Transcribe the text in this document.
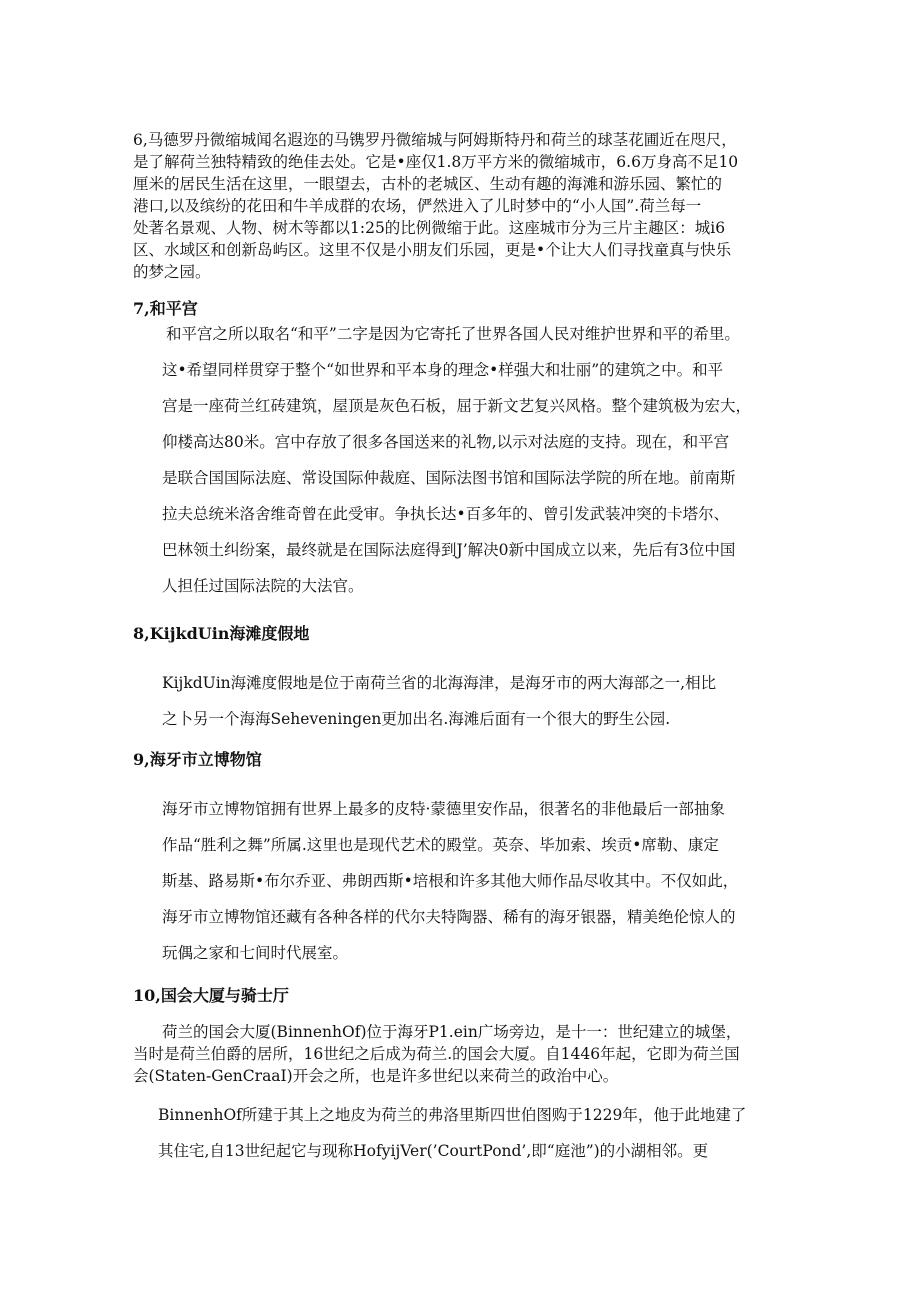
6,马德罗丹微缩城闻名遐迩的马镌罗丹微缩城与阿姆斯特丹和荷兰的球茎花圃近在咫尺，
是了解荷兰独特精致的绝佳去处。它是•座仅1.8万平方米的微缩城市，6.6万身高不足10
厘米的居民生活在这里，一眼望去，古朴的老城区、生动有趣的海滩和游乐园、繁忙的
港口,以及缤纷的花田和牛羊成群的农场，俨然进入了儿时梦中的“小人国”.荷兰每一
处著名景观、人物、树木等都以1:25的比例微缩于此。这座城市分为三片主趣区：城i6
区、水域区和创新岛屿区。这里不仅是小朋友们乐园，更是•个让大人们寻找童真与快乐
的梦之园。
7,和平宫
和平宫之所以取名“和平”二字是因为它寄托了世界各国人民对维护世界和平的希里。
这•希望同样贯穿于整个“如世界和平本身的理念•样强大和壮丽”的建筑之中。和平
宫是一座荷兰红砖建筑，屋顶是灰色石板，屈于新文艺复兴风格。整个建筑极为宏大，
仰楼高达80米。宫中存放了很多各国送来的礼物,以示对法庭的支持。现在，和平宫
是联合国国际法庭、常设国际仲裁庭、国际法图书馆和国际法学院的所在地。前南斯
拉夫总统米洛舍维奇曾在此受审。争执长达•百多年的、曾引发武装冲突的卡塔尔、
巴林领土纠纷案，最终就是在国际法庭得到J’解决0新中国成立以来，先后有3位中国
人担任过国际法院的大法官。
8,KijkdUin海滩度假地
KijkdUin海滩度假地是位于南荷兰省的北海海津，是海牙市的两大海部之一,相比
之卜另一个海海Seheveningen更加出名.海滩后面有一个很大的野生公园.
9,海牙市立博物馆
海牙市立博物馆拥有世界上最多的皮特·蒙德里安作品，很著名的非他最后一部抽象
作品“胜利之舞”所属.这里也是现代艺术的殿堂。英奈、毕加索、埃贡•席勒、康定
斯基、路易斯•布尔乔亚、弗朗西斯•培根和许多其他大师作品尽收其中。不仅如此，
海牙市立博物馆还藏有各种各样的代尔夫特陶器、稀有的海牙银器，精美绝伦惊人的
玩偶之家和七间时代展室。
10,国会大厦与骑士厅
荷兰的国会大厦(BinnenhOf)位于海牙P1.ein广场旁边，是十一：世纪建立的城堡，
当时是荷兰伯爵的居所，16世纪之后成为荷兰.的国会大厦。自1446年起，它即为荷兰国
会(Staten-GenCraaI)开会之所，也是许多世纪以来荷兰的政治中心。
BinnenhOf所建于其上之地皮为荷兰的弗洛里斯四世伯图购于1229年，他于此地建了
其住宅,自13世纪起它与现称HofyijVer(’CourtPond’,即“庭池”)的小湖相邻。更
